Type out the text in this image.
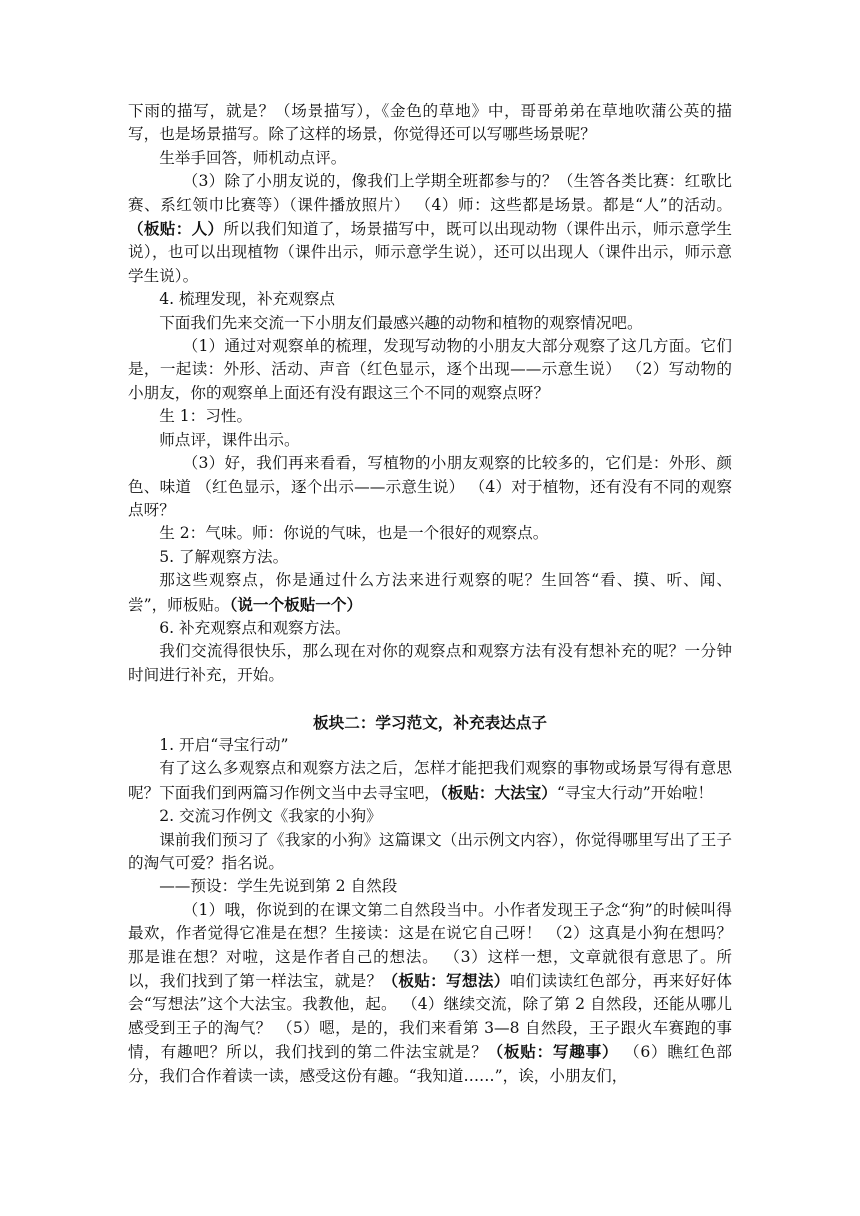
下雨的描写，就是？（场景描写），《金色的草地》中，哥哥弟弟在草地吹蒲公英的描写，也是场景描写。除了这样的场景，你觉得还可以写哪些场景呢？

生举手回答，师机动点评。

（3）除了小朋友说的，像我们上学期全班都参与的？（生答各类比赛：红歌比赛、系红领巾比赛等）（课件播放照片） （4）师：这些都是场景。都是“人”的活动。（板贴：人）所以我们知道了，场景描写中，既可以出现动物（课件出示，师示意学生说），也可以出现植物（课件出示，师示意学生说），还可以出现人（课件出示，师示意学生说）。

4. 梳理发现，补充观察点

下面我们先来交流一下小朋友们最感兴趣的动物和植物的观察情况吧。

（1）通过对观察单的梳理，发现写动物的小朋友大部分观察了这几方面。它们是，一起读：外形、活动、声音（红色显示，逐个出现——示意生说） （2）写动物的小朋友，你的观察单上面还有没有跟这三个不同的观察点呀？

生 1：习性。

师点评，课件出示。

（3）好，我们再来看看，写植物的小朋友观察的比较多的，它们是：外形、颜色、味道 （红色显示，逐个出示——示意生说） （4）对于植物，还有没有不同的观察点呀？

生 2：气味。师：你说的气味，也是一个很好的观察点。

5. 了解观察方法。

那这些观察点，你是通过什么方法来进行观察的呢？生回答“看、摸、听、闻、尝”，师板贴。（说一个板贴一个）

6. 补充观察点和观察方法。

我们交流得很快乐，那么现在对你的观察点和观察方法有没有想补充的呢？一分钟时间进行补充，开始。

板块二：学习范文，补充表达点子

1. 开启“寻宝行动”

有了这么多观察点和观察方法之后，怎样才能把我们观察的事物或场景写得有意思呢？下面我们到两篇习作例文当中去寻宝吧，（板贴：大法宝）“寻宝大行动”开始啦！

2. 交流习作例文《我家的小狗》

课前我们预习了《我家的小狗》这篇课文（出示例文内容），你觉得哪里写出了王子的淘气可爱？指名说。

——预设：学生先说到第 2 自然段

（1）哦，你说到的在课文第二自然段当中。小作者发现王子念“狗”的时候叫得最欢，作者觉得它准是在想？生接读：这是在说它自己呀！ （2）这真是小狗在想吗？那是谁在想？对啦，这是作者自己的想法。 （3）这样一想，文章就很有意思了。所以，我们找到了第一样法宝，就是？（板贴：写想法）咱们读读红色部分，再来好好体会“写想法”这个大法宝。我教他，起。 （4）继续交流，除了第 2 自然段，还能从哪儿感受到王子的淘气？ （5）嗯，是的，我们来看第 3—8 自然段，王子跟火车赛跑的事情，有趣吧？所以，我们找到的第二件法宝就是？（板贴：写趣事） （6）瞧红色部分，我们合作着读一读，感受这份有趣。“我知道……”，诶，小朋友们，
